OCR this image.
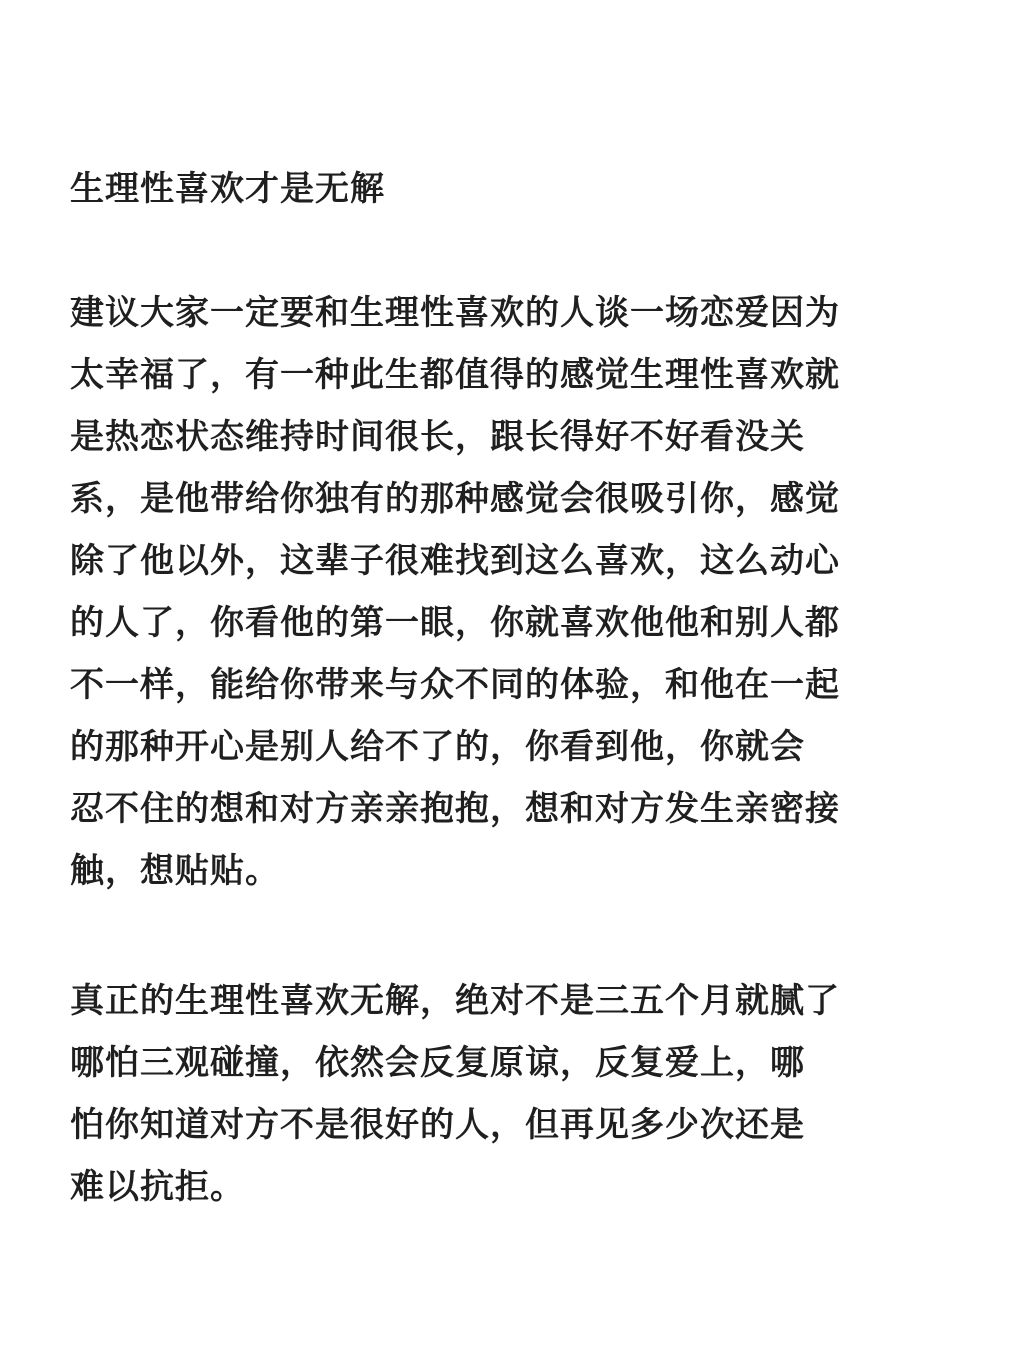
生理性喜欢才是无解
建议大家一定要和生理性喜欢的人谈一场恋爱因为
太幸福了，有一种此生都值得的感觉生理性喜欢就
是热恋状态维持时间很长，跟长得好不好看没关
系，是他带给你独有的那种感觉会很吸引你，感觉
除了他以外，这辈子很难找到这么喜欢，这么动心
的人了，你看他的第一眼，你就喜欢他他和别人都
不一样，能给你带来与众不同的体验，和他在一起
的那种开心是别人给不了的，你看到他，你就会
忍不住的想和对方亲亲抱抱，想和对方发生亲密接
触，想贴贴。
真正的生理性喜欢无解，绝对不是三五个月就腻了
哪怕三观碰撞，依然会反复原谅，反复爱上，哪
怕你知道对方不是很好的人，但再见多少次还是
难以抗拒。
